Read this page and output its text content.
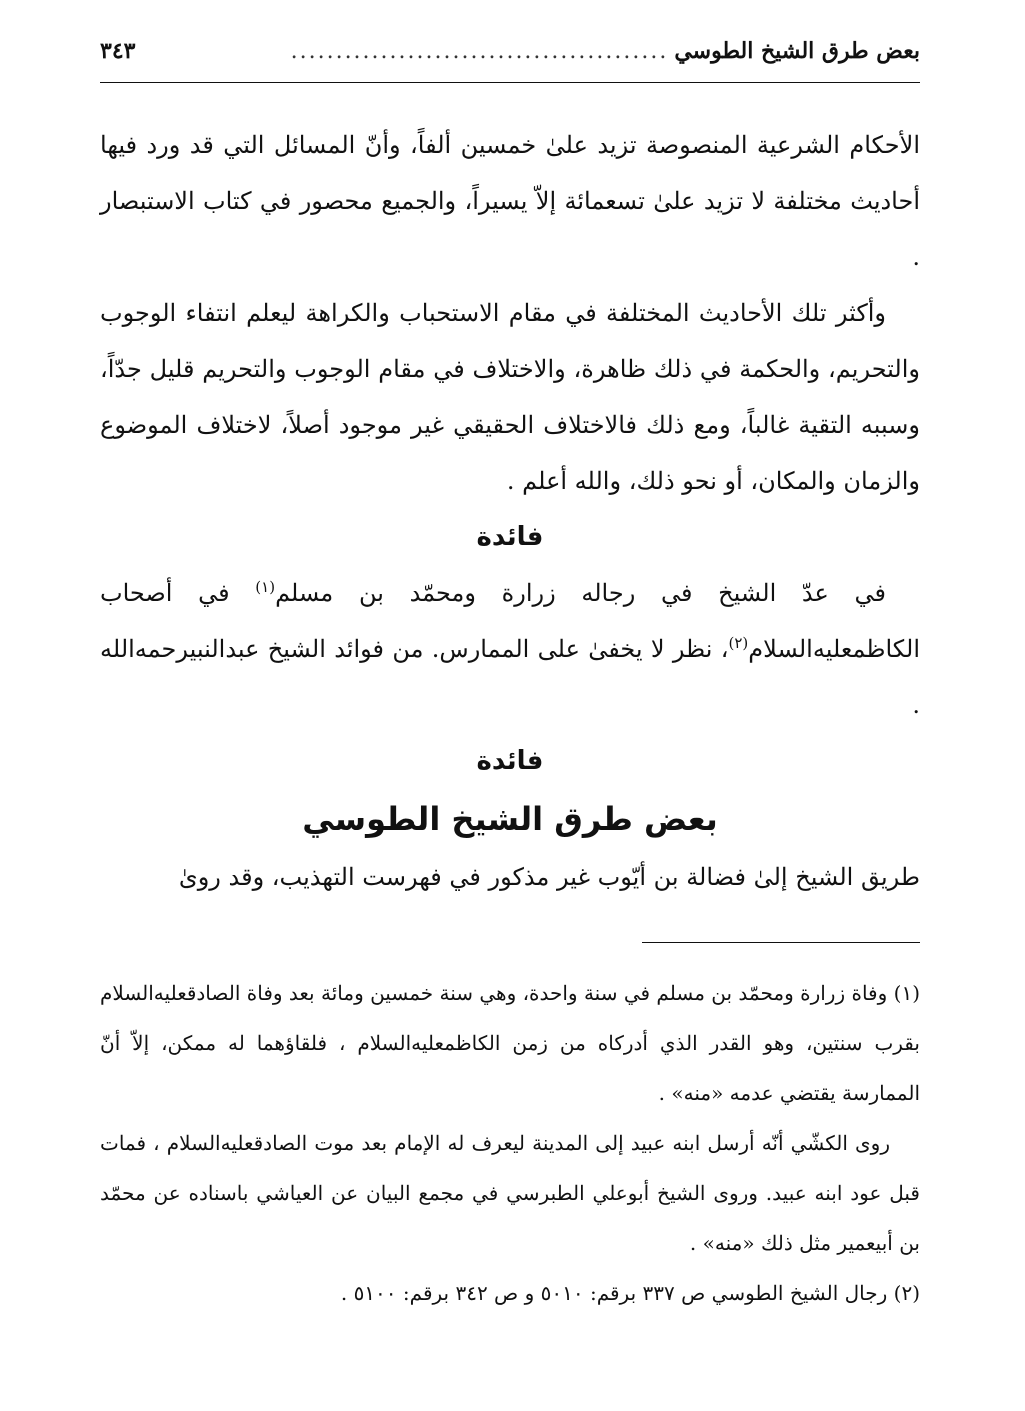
بعض طرق الشيخ الطوسي
..........................................
٣٤٣

الأحكام الشرعية المنصوصة تزيد علىٰ خمسين ألفاً، وأنّ المسائل التي قد ورد فيها أحاديث مختلفة لا تزيد علىٰ تسعمائة إلاّ يسيراً، والجميع محصور في كتاب الاستبصار .

وأكثر تلك الأحاديث المختلفة في مقام الاستحباب والكراهة ليعلم انتفاء الوجوب والتحريم، والحكمة في ذلك ظاهرة، والاختلاف في مقام الوجوب والتحريم قليل جدّاً، وسببه التقية غالباً، ومع ذلك فالاختلاف الحقيقي غير موجود أصلاً، لاختلاف الموضوع والزمان والمكان، أو نحو ذلك، والله أعلم .

فائدة

في عدّ الشيخ في رجاله زرارة ومحمّد بن مسلم$^{(١)}$ في أصحاب الكاظمعليه‌السلام$^{(٢)}$، نظر لا يخفىٰ على الممارس. من فوائد الشيخ عبدالنبيرحمه‌الله .

فائدة

بعض طرق الشيخ الطوسي

طريق الشيخ إلىٰ فضالة بن أيّوب غير مذكور في فهرست التهذيب، وقد روىٰ

(١) وفاة زرارة ومحمّد بن مسلم في سنة واحدة، وهي سنة خمسين ومائة بعد وفاة الصادقعليه‌السلام بقرب سنتين، وهو القدر الذي أدركاه من زمن الكاظمعليه‌السلام ، فلقاؤهما له ممكن، إلاّ أنّ الممارسة يقتضي عدمه «منه» .

روى الكشّي أنّه أرسل ابنه عبيد إلى المدينة ليعرف له الإمام بعد موت الصادقعليه‌السلام ، فمات قبل عود ابنه عبيد. وروى الشيخ أبوعلي الطبرسي في مجمع البيان عن العياشي باسناده عن محمّد بن أبيعمير مثل ذلك «منه» .

(٢) رجال الشيخ الطوسي ص ٣٣٧ برقم: ٥٠١٠ و ص ٣٤٢ برقم: ٥١٠٠ .
